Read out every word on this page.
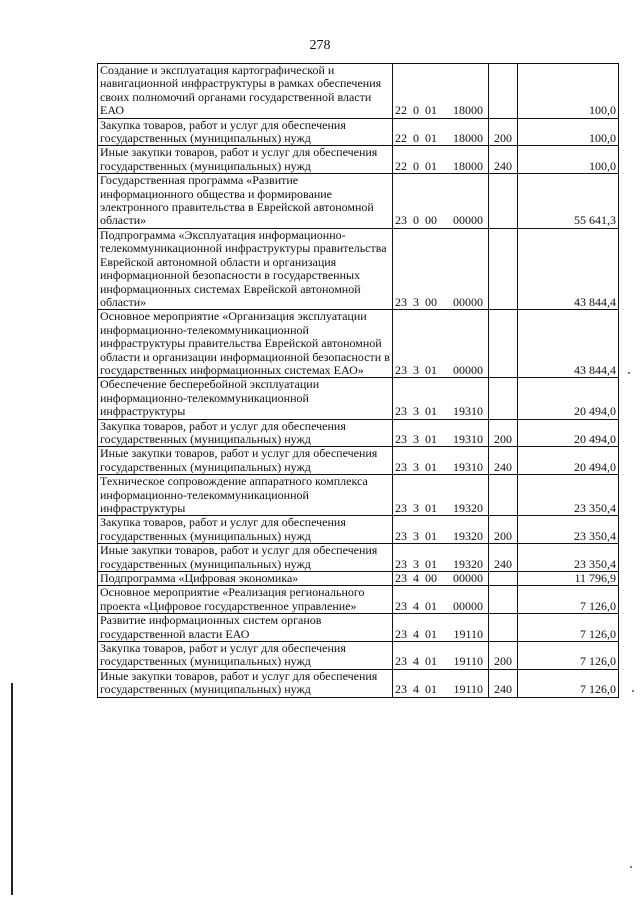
278
Создание и эксплуатация картографической и навигационной инфраструктуры в рамках обеспечения своих полномочий органами государственной власти ЕАО	22 0 01 18000		100,0
Закупка товаров, работ и услуг для обеспечения государственных (муниципальных) нужд	22 0 01 18000	200	100,0
Иные закупки товаров, работ и услуг для обеспечения государственных (муниципальных) нужд	22 0 01 18000	240	100,0
Государственная программа «Развитие информационного общества и формирование электронного правительства в Еврейской автономной области»	23 0 00 00000		55 641,3
Подпрограмма «Эксплуатация информационно-телекоммуникационной инфраструктуры правительства Еврейской автономной области и организация информационной безопасности в государственных информационных системах Еврейской автономной области»	23 3 00 00000		43 844,4
Основное мероприятие «Организация эксплуатации информационно-телекоммуникационной инфраструктуры правительства Еврейской автономной области и организации информационной безопасности в государственных информационных системах ЕАО»	23 3 01 00000		43 844,4
Обеспечение бесперебойной эксплуатации информационно-телекоммуникационной инфраструктуры	23 3 01 19310		20 494,0
Закупка товаров, работ и услуг для обеспечения государственных (муниципальных) нужд	23 3 01 19310	200	20 494,0
Иные закупки товаров, работ и услуг для обеспечения государственных (муниципальных) нужд	23 3 01 19310	240	20 494,0
Техническое сопровождение аппаратного комплекса информационно-телекоммуникационной инфраструктуры	23 3 01 19320		23 350,4
Закупка товаров, работ и услуг для обеспечения государственных (муниципальных) нужд	23 3 01 19320	200	23 350,4
Иные закупки товаров, работ и услуг для обеспечения государственных (муниципальных) нужд	23 3 01 19320	240	23 350,4
Подпрограмма «Цифровая экономика»	23 4 00 00000		11 796,9
Основное мероприятие «Реализация регионального проекта «Цифровое государственное управление»	23 4 01 00000		7 126,0
Развитие информационных систем органов государственной власти ЕАО	23 4 01 19110		7 126,0
Закупка товаров, работ и услуг для обеспечения государственных (муниципальных) нужд	23 4 01 19110	200	7 126,0
Иные закупки товаров, работ и услуг для обеспечения государственных (муниципальных) нужд	23 4 01 19110	240	7 126,0
